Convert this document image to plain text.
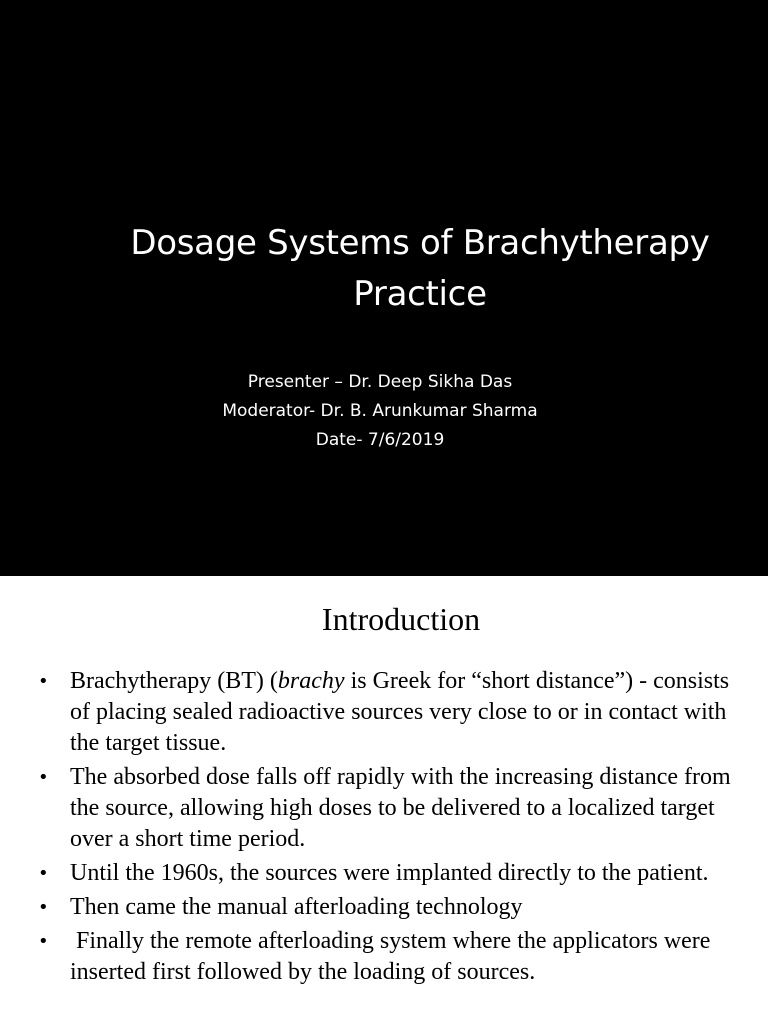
Dosage Systems of Brachytherapy
Practice
Presenter – Dr. Deep Sikha Das
Moderator- Dr. B. Arunkumar Sharma
Date- 7/6/2019
Introduction
• Brachytherapy (BT) (brachy is Greek for “short distance”) - consists of placing sealed radioactive sources very close to or in contact with the target tissue.
• The absorbed dose falls off rapidly with the increasing distance from the source, allowing high doses to be delivered to a localized target over a short time period.
• Until the 1960s, the sources were implanted directly to the patient.
• Then came the manual afterloading technology
• Finally the remote afterloading system where the applicators were inserted first followed by the loading of sources.
